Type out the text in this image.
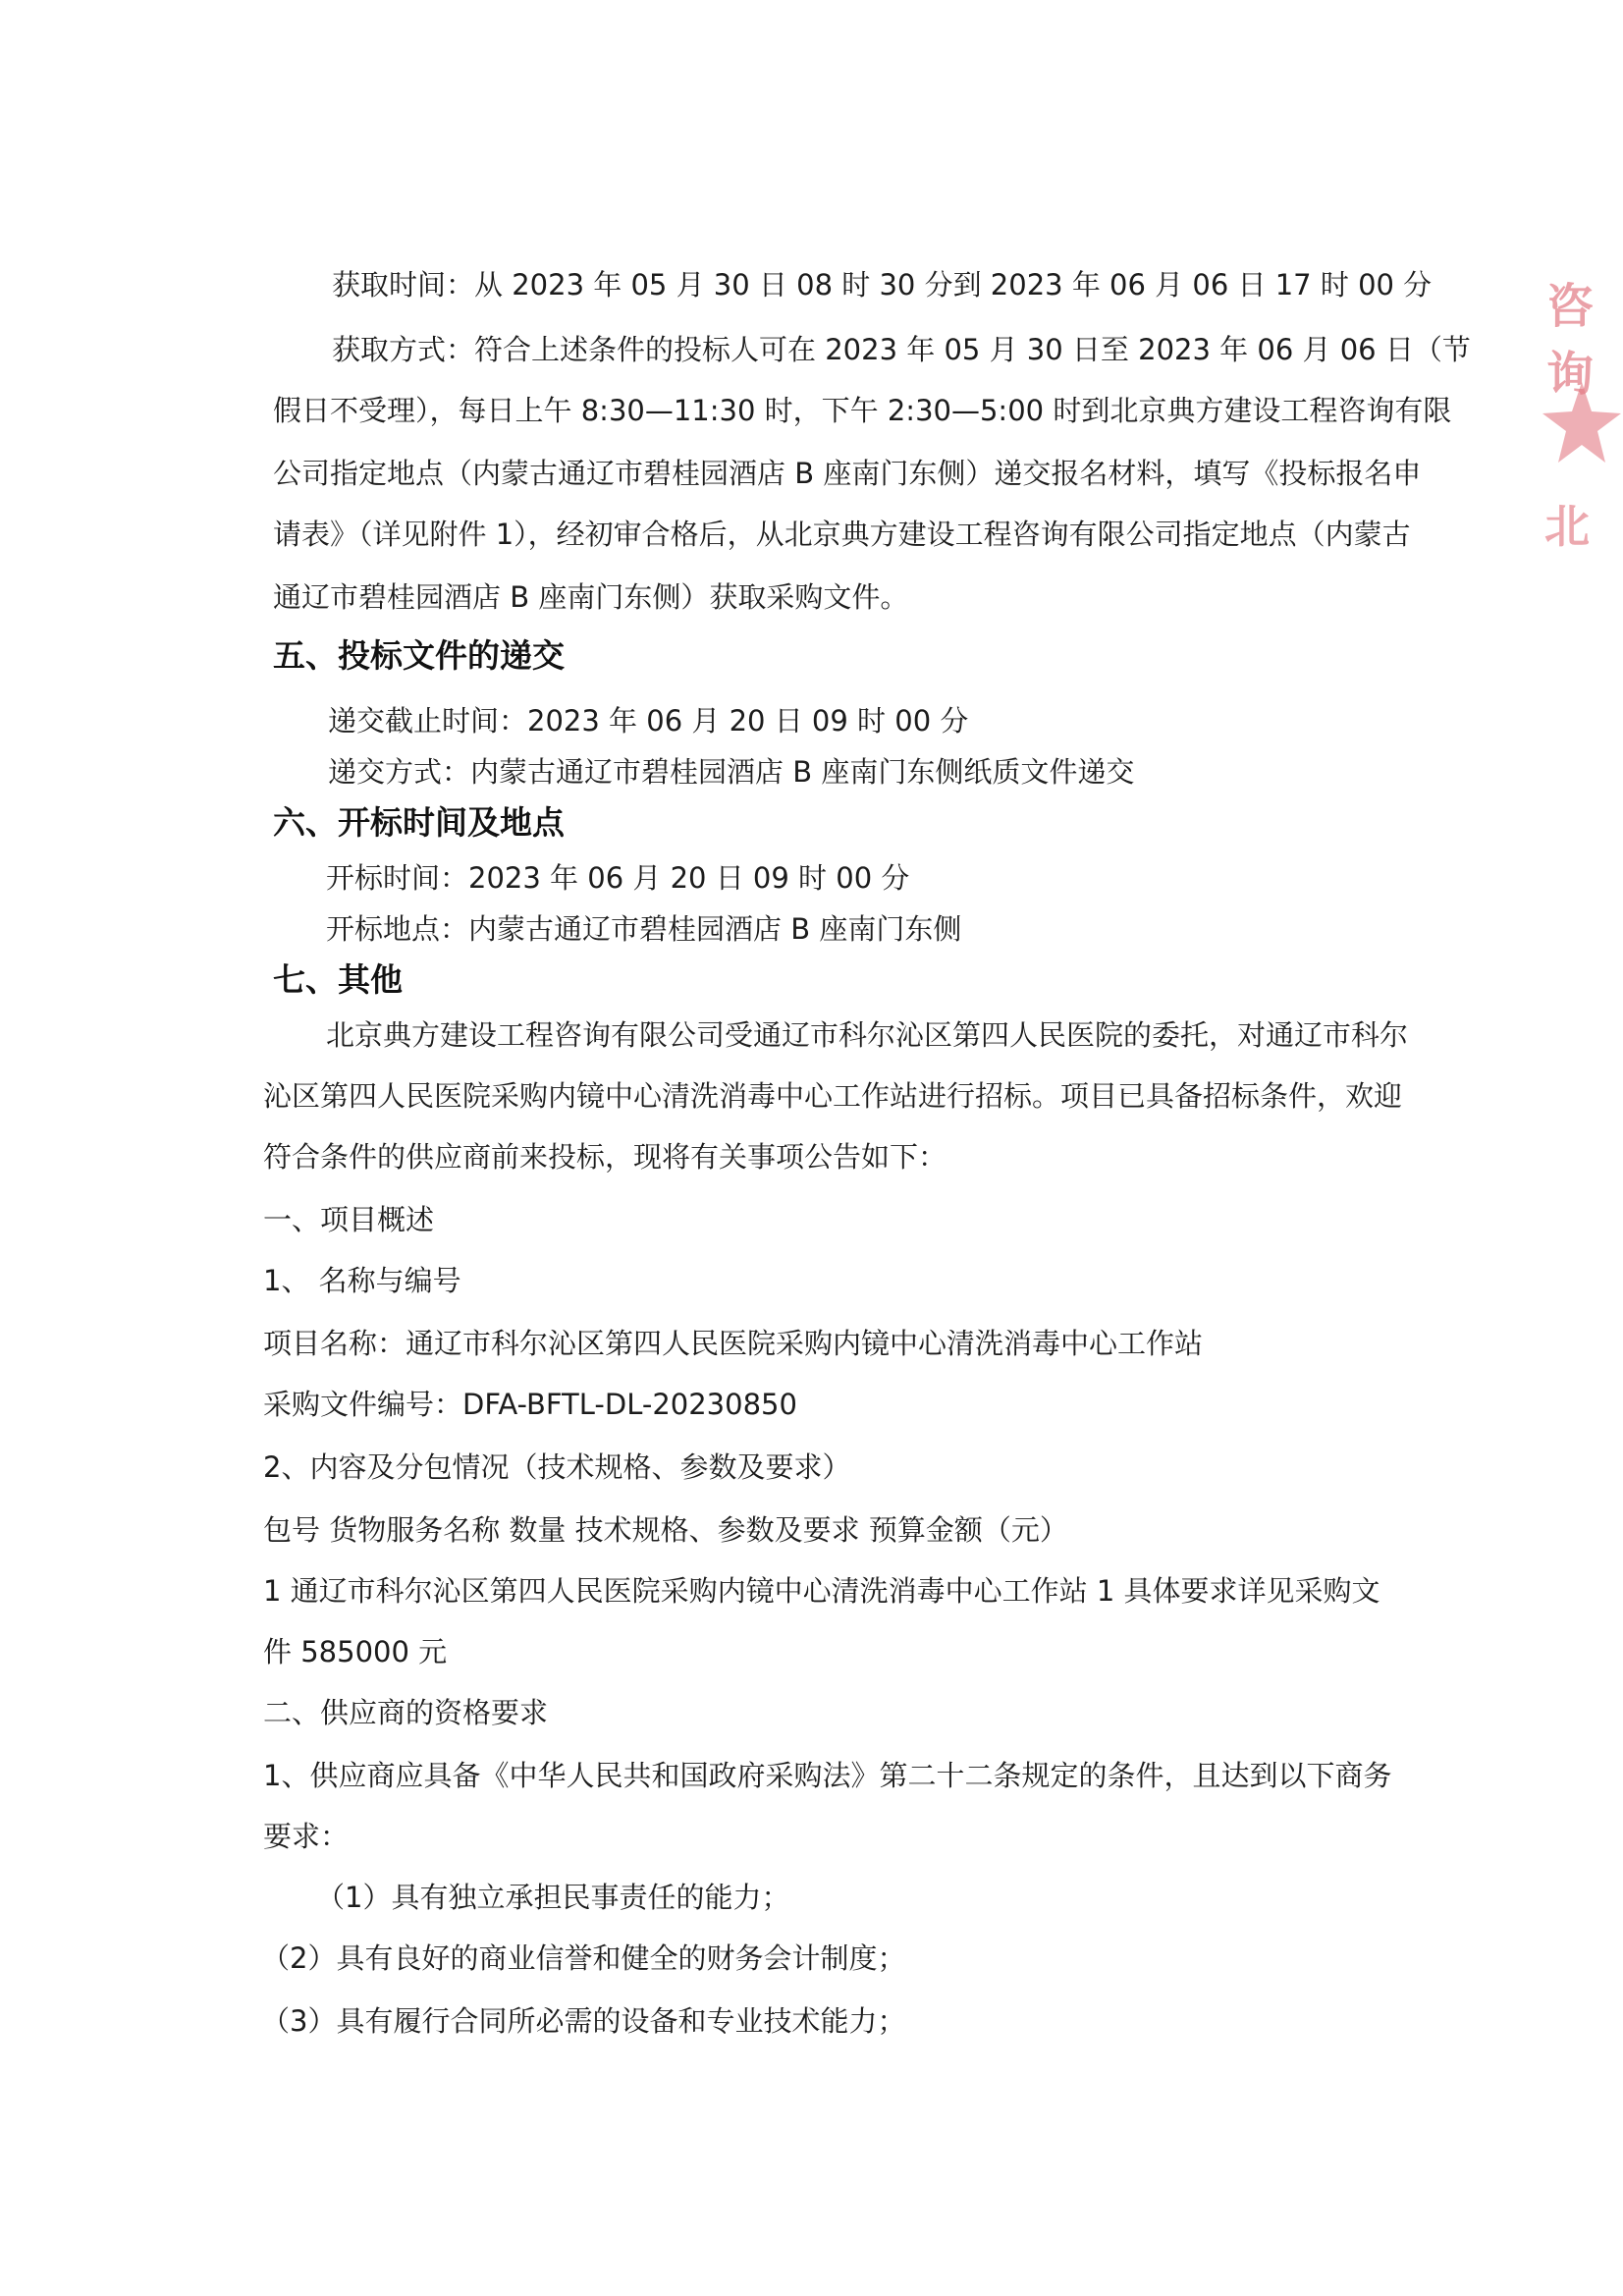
获取时间：从 2023 年 05 月 30 日 08 时 30 分到 2023 年 06 月 06 日 17 时 00 分
获取方式：符合上述条件的投标人可在 2023 年 05 月 30 日至 2023 年 06 月 06 日（节
假日不受理），每日上午 8:30—11:30 时，下午 2:30—5:00 时到北京典方建设工程咨询有限
公司指定地点（内蒙古通辽市碧桂园酒店 B 座南门东侧）递交报名材料，填写《投标报名申
请表》（详见附件 1），经初审合格后，从北京典方建设工程咨询有限公司指定地点（内蒙古
通辽市碧桂园酒店 B 座南门东侧）获取采购文件。
五、投标文件的递交
递交截止时间：2023 年 06 月 20 日 09 时 00 分
递交方式：内蒙古通辽市碧桂园酒店 B 座南门东侧纸质文件递交
六、开标时间及地点
开标时间：2023 年 06 月 20 日 09 时 00 分
开标地点：内蒙古通辽市碧桂园酒店 B 座南门东侧
七、其他
北京典方建设工程咨询有限公司受通辽市科尔沁区第四人民医院的委托，对通辽市科尔
沁区第四人民医院采购内镜中心清洗消毒中心工作站进行招标。项目已具备招标条件，欢迎
符合条件的供应商前来投标，现将有关事项公告如下：
一、项目概述
1、 名称与编号
项目名称：通辽市科尔沁区第四人民医院采购内镜中心清洗消毒中心工作站
采购文件编号：DFA-BFTL-DL-20230850
2、内容及分包情况（技术规格、参数及要求）
包号 货物服务名称 数量 技术规格、参数及要求 预算金额（元）
1 通辽市科尔沁区第四人民医院采购内镜中心清洗消毒中心工作站 1 具体要求详见采购文
件 585000 元
二、供应商的资格要求
1、供应商应具备《中华人民共和国政府采购法》第二十二条规定的条件，且达到以下商务
要求：
（1）具有独立承担民事责任的能力；
（2）具有良好的商业信誉和健全的财务会计制度；
（3）具有履行合同所必需的设备和专业技术能力；
咨询
北
